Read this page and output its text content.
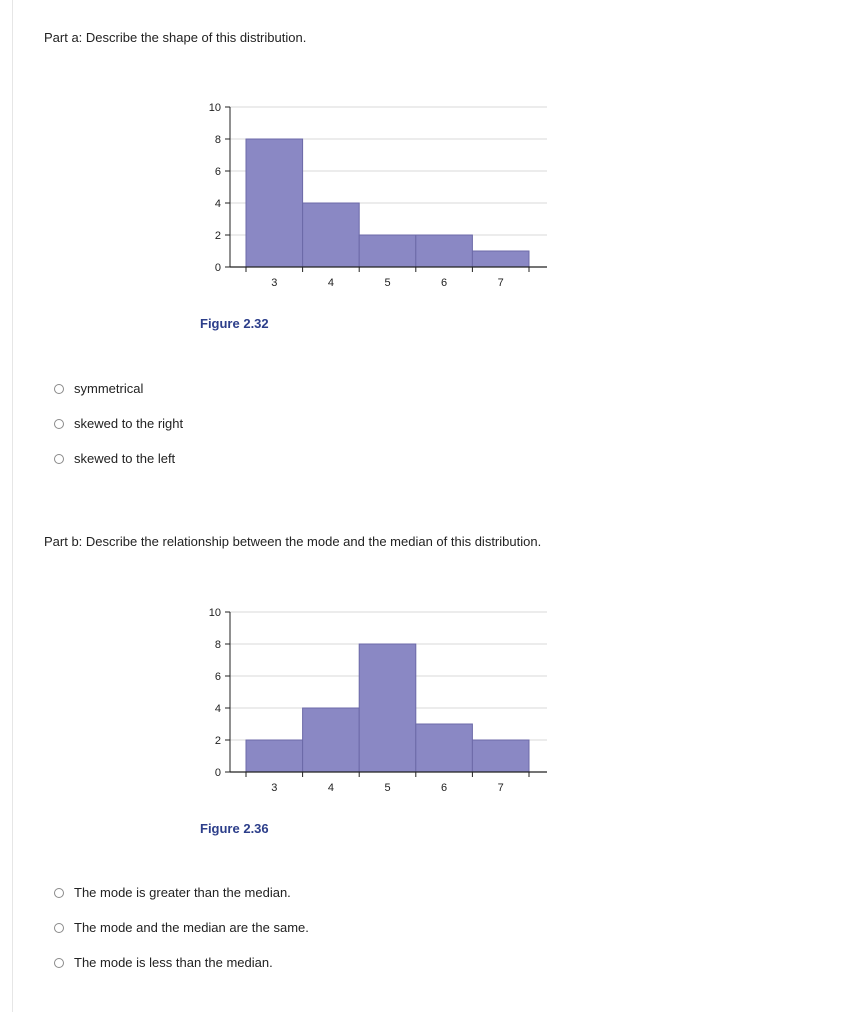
Part a: Describe the shape of this distribution.
0
2
4
6
8
10
3	4	5	6	7
Figure 2.32
symmetrical
skewed to the right
skewed to the left
Part b: Describe the relationship between the mode and the median of this distribution.
0
2
4
6
8
10
3	4	5	6	7
Figure 2.36
The mode is greater than the median.
The mode and the median are the same.
The mode is less than the median.
